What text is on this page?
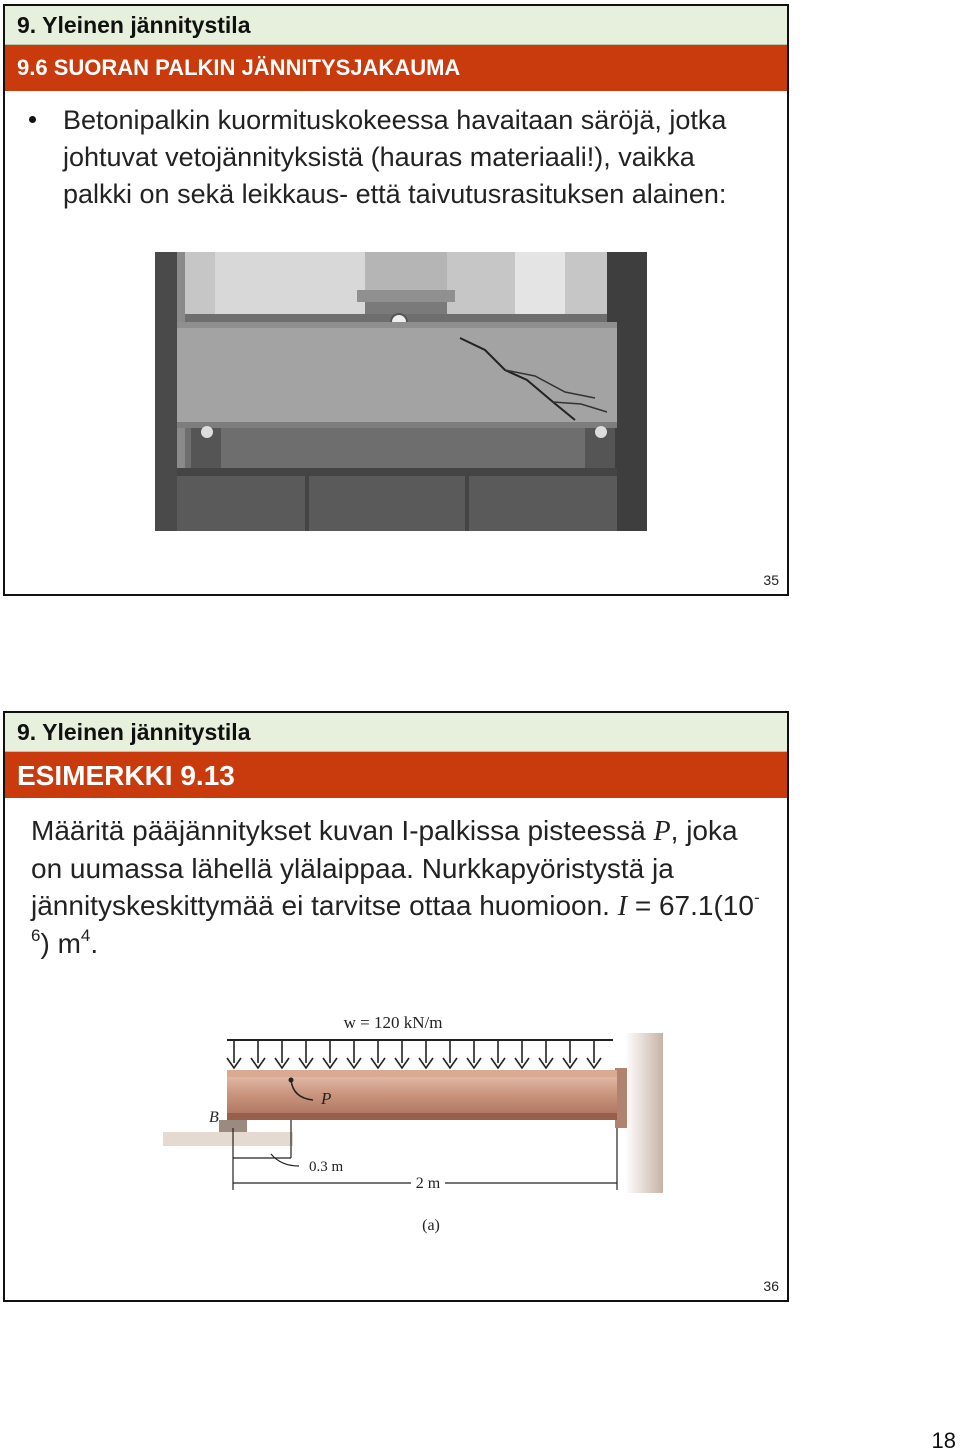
9. Yleinen jännitystila
9.6 SUORAN PALKIN JÄNNITYSJAKAUMA
Betonipalkin kuormituskokeessa havaitaan säröjä, jotka johtuvat vetojännityksistä (hauras materiaali!), vaikka palkki on sekä leikkaus- että taivutusrasituksen alainen:
35
9. Yleinen jännitystila
ESIMERKKI 9.13
Määritä pääjännitykset kuvan I-palkissa pisteessä P, joka on uumassa lähellä ylälaippaa. Nurkkapyöristystä ja jännityskeskittymää ei tarvitse ottaa huomioon. $I = 67.1(10^{-6})$ $m^4$.
w = 120 kN/m
P
B
0.3 m
2 m
(a)
36
18
